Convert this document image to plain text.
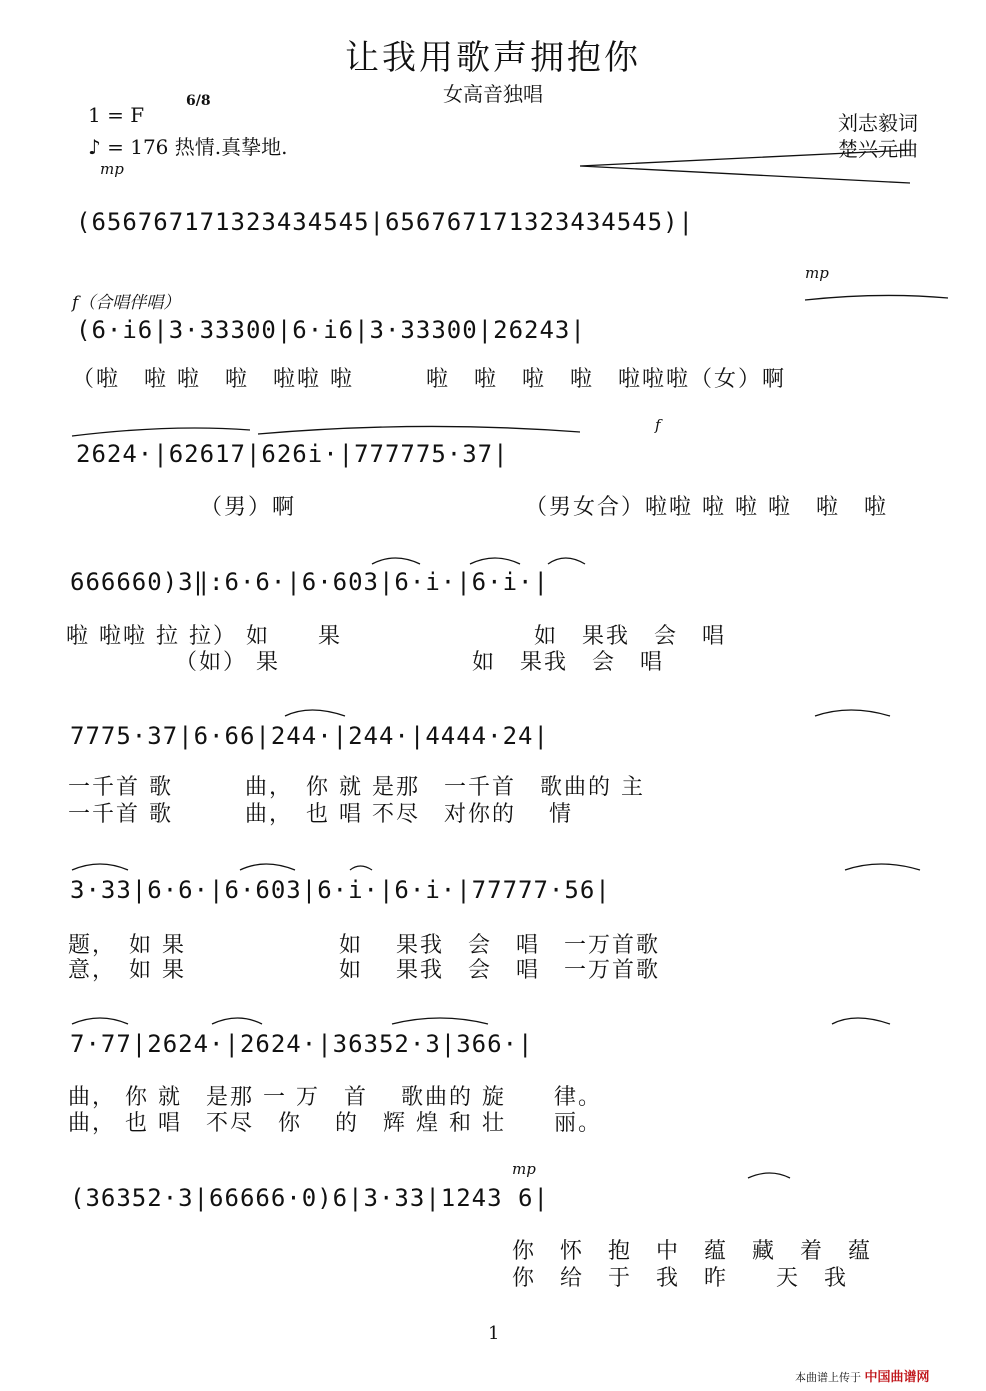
让我用歌声拥抱你
女高音独唱
1 = F
6/8
♪ = 176 热情.真挚地.
刘志毅词
楚兴元曲
mp
f（合唱伴唱）
mp
f
mp
(656767171323434545|656767171323434545)|
(6·i6|3·33300|6·i6|3·33300|26243|
（啦　啦 啦　啦　啦啦 啦　　　啦　啦　啦　啦　啦啦啦（女）啊
2624·|62617|626i·|777775·37|
（男）啊　　　　　　　　　　（男女合）啦啦 啦 啦 啦　啦　啦
666660)3‖:6·6·|6·603|6·i·|6·i·|
啦 啦啦 拉 拉） 如　　果　　　　　　　　如　果我　会　唱
　　　　　（如） 果　　　　　　　　如　果我　会　唱
7775·37|6·66|244·|244·|4444·24|
一千首 歌　　　曲，　你 就 是那　一千首　歌曲的 主
一千首 歌　　　曲，　也 唱 不尽　对你的　 情
3·33|6·6·|6·603|6·i·|6·i·|77777·56|
题，　如 果　　　　　　 如　 果我　会　唱　一万首歌
意，　如 果　　　　　　 如　 果我　会　唱　一万首歌
7·77|2624·|2624·|36352·3|366·|
曲， 你 就　是那 一 万　首　 歌曲的 旋　　律。
曲， 也 唱　不尽　你　 的　辉 煌 和 壮　　丽。
(36352·3|66666·0)6|3·33|1243 6|
你　怀　抱　中　蕴　藏　着　蕴
你　给　于　我　昨　　天　我
1
本曲谱上传于 中国曲谱网
